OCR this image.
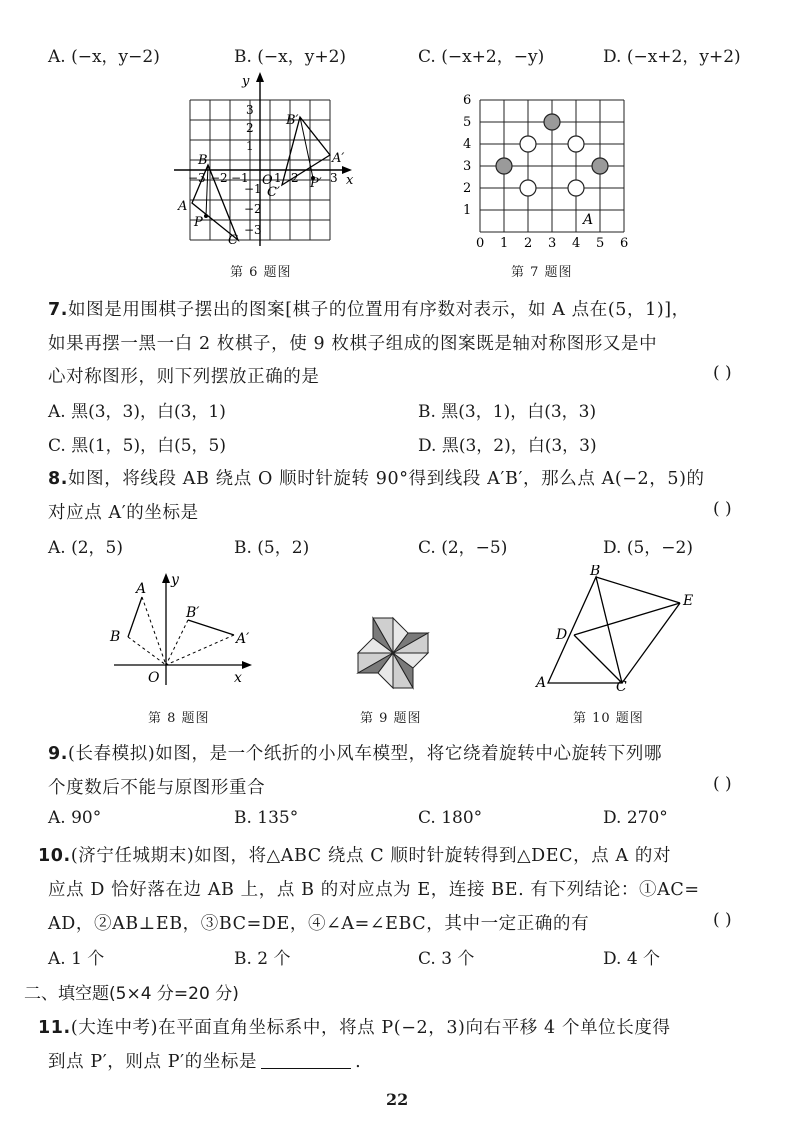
A. (−x，y−2)	B. (−x，y+2)	C. (−x+2，−y)	D. (−x+2，y+2)
y
x
O
B
A
C
P
B′
A′
C′
P′
3
2
1
−1
−2
−3
−3 −2 −1 1 2	3
第 6 题图
A
1
2
3
4
5
6
0 1 2 3 4 5 6
第 7 题图
7.如图是用围棋子摆出的图案[棋子的位置用有序数对表示，如 A 点在(5，1)]，
如果再摆一黑一白 2 枚棋子，使 9 枚棋子组成的图案既是轴对称图形又是中
心对称图形，则下列摆放正确的是	( )
A. 黑(3，3)，白(3，1)	B. 黑(3，1)，白(3，3)
C. 黑(1，5)，白(5，5)	D. 黑(3，2)，白(3，3)
8.如图，将线段 AB 绕点 O 顺时针旋转 90°得到线段 A′B′，那么点 A(−2，5)的
对应点 A′的坐标是	( )
A. (2，5)	B. (5，2)	C. (2，−5)	D. (5，−2)
A
B
B′
A′
O	x
y
第 8 题图	第 9 题图
B
E
D
A	C
第 10 题图
9.(长春模拟)如图，是一个纸折的小风车模型，将它绕着旋转中心旋转下列哪
个度数后不能与原图形重合	( )
A. 90°	B. 135°	C. 180°	D. 270°
10.(济宁任城期末)如图，将△ABC 绕点 C 顺时针旋转得到△DEC，点 A 的对
应点 D 恰好落在边 AB 上，点 B 的对应点为 E，连接 BE. 有下列结论：①AC=
AD，②AB⊥EB，③BC=DE，④∠A=∠EBC，其中一定正确的有	( )
A. 1 个	B. 2 个	C. 3 个	D. 4 个
二、填空题(5×4 分=20 分)
11.(大连中考)在平面直角坐标系中，将点 P(−2，3)向右平移 4 个单位长度得
到点 P′，则点 P′的坐标是	.
22
